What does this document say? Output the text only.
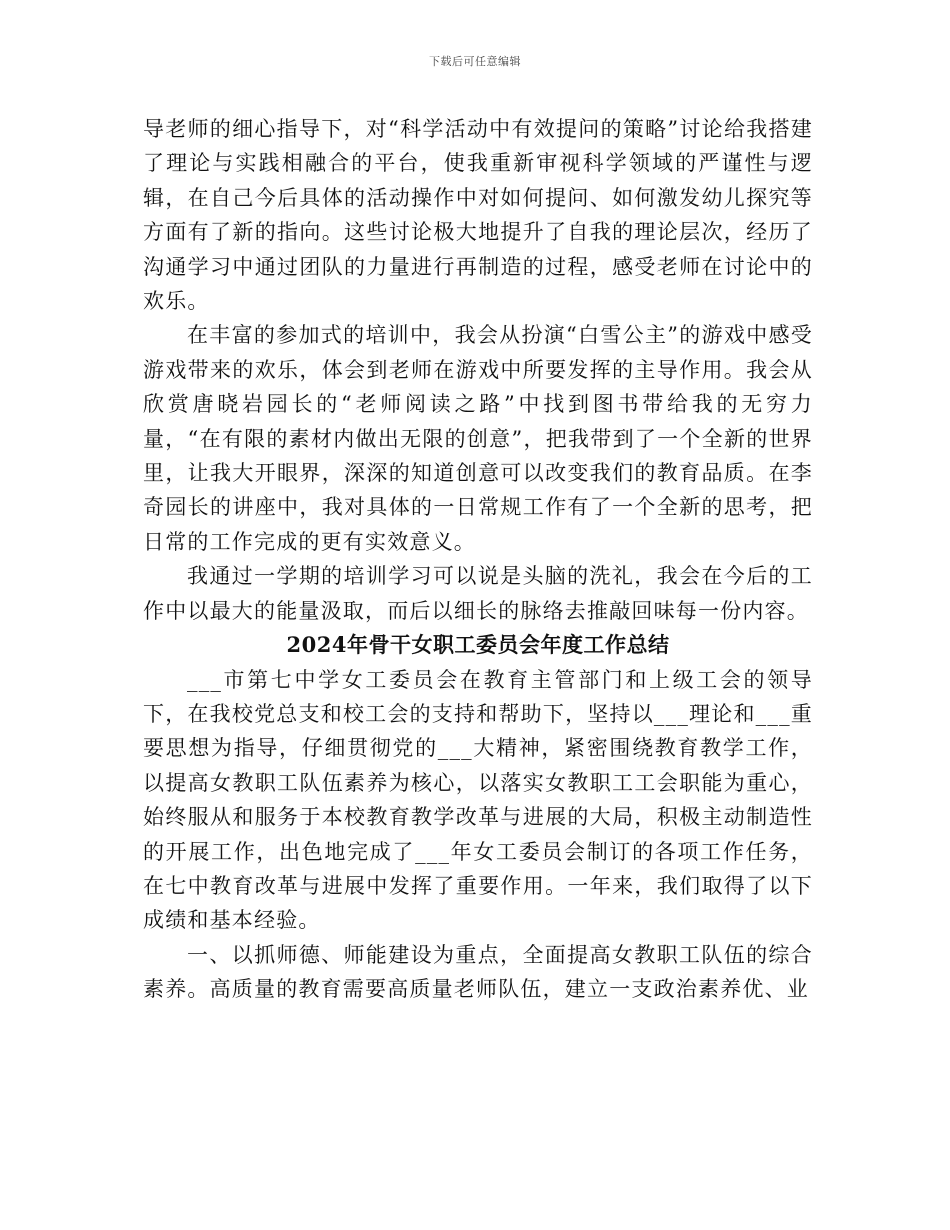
下载后可任意编辑

导老师的细心指导下，对“科学活动中有效提问的策略”讨论给我搭建了理论与实践相融合的平台，使我重新审视科学领域的严谨性与逻辑，在自己今后具体的活动操作中对如何提问、如何激发幼儿探究等方面有了新的指向。这些讨论极大地提升了自我的理论层次，经历了沟通学习中通过团队的力量进行再制造的过程，感受老师在讨论中的欢乐。

在丰富的参加式的培训中，我会从扮演“白雪公主”的游戏中感受游戏带来的欢乐，体会到老师在游戏中所要发挥的主导作用。我会从欣赏唐晓岩园长的“老师阅读之路”中找到图书带给我的无穷力量，“在有限的素材内做出无限的创意”，把我带到了一个全新的世界里，让我大开眼界，深深的知道创意可以改变我们的教育品质。在李奇园长的讲座中，我对具体的一日常规工作有了一个全新的思考，把日常的工作完成的更有实效意义。

我通过一学期的培训学习可以说是头脑的洗礼，我会在今后的工作中以最大的能量汲取，而后以细长的脉络去推敲回味每一份内容。

2024年骨干女职工委员会年度工作总结

___市第七中学女工委员会在教育主管部门和上级工会的领导下，在我校党总支和校工会的支持和帮助下，坚持以___理论和___重要思想为指导，仔细贯彻党的___大精神，紧密围绕教育教学工作，以提高女教职工队伍素养为核心，以落实女教职工工会职能为重心，始终服从和服务于本校教育教学改革与进展的大局，积极主动制造性的开展工作，出色地完成了___年女工委员会制订的各项工作任务，在七中教育改革与进展中发挥了重要作用。一年来，我们取得了以下成绩和基本经验。

一、以抓师德、师能建设为重点，全面提高女教职工队伍的综合素养。高质量的教育需要高质量老师队伍，建立一支政治素养优、业
